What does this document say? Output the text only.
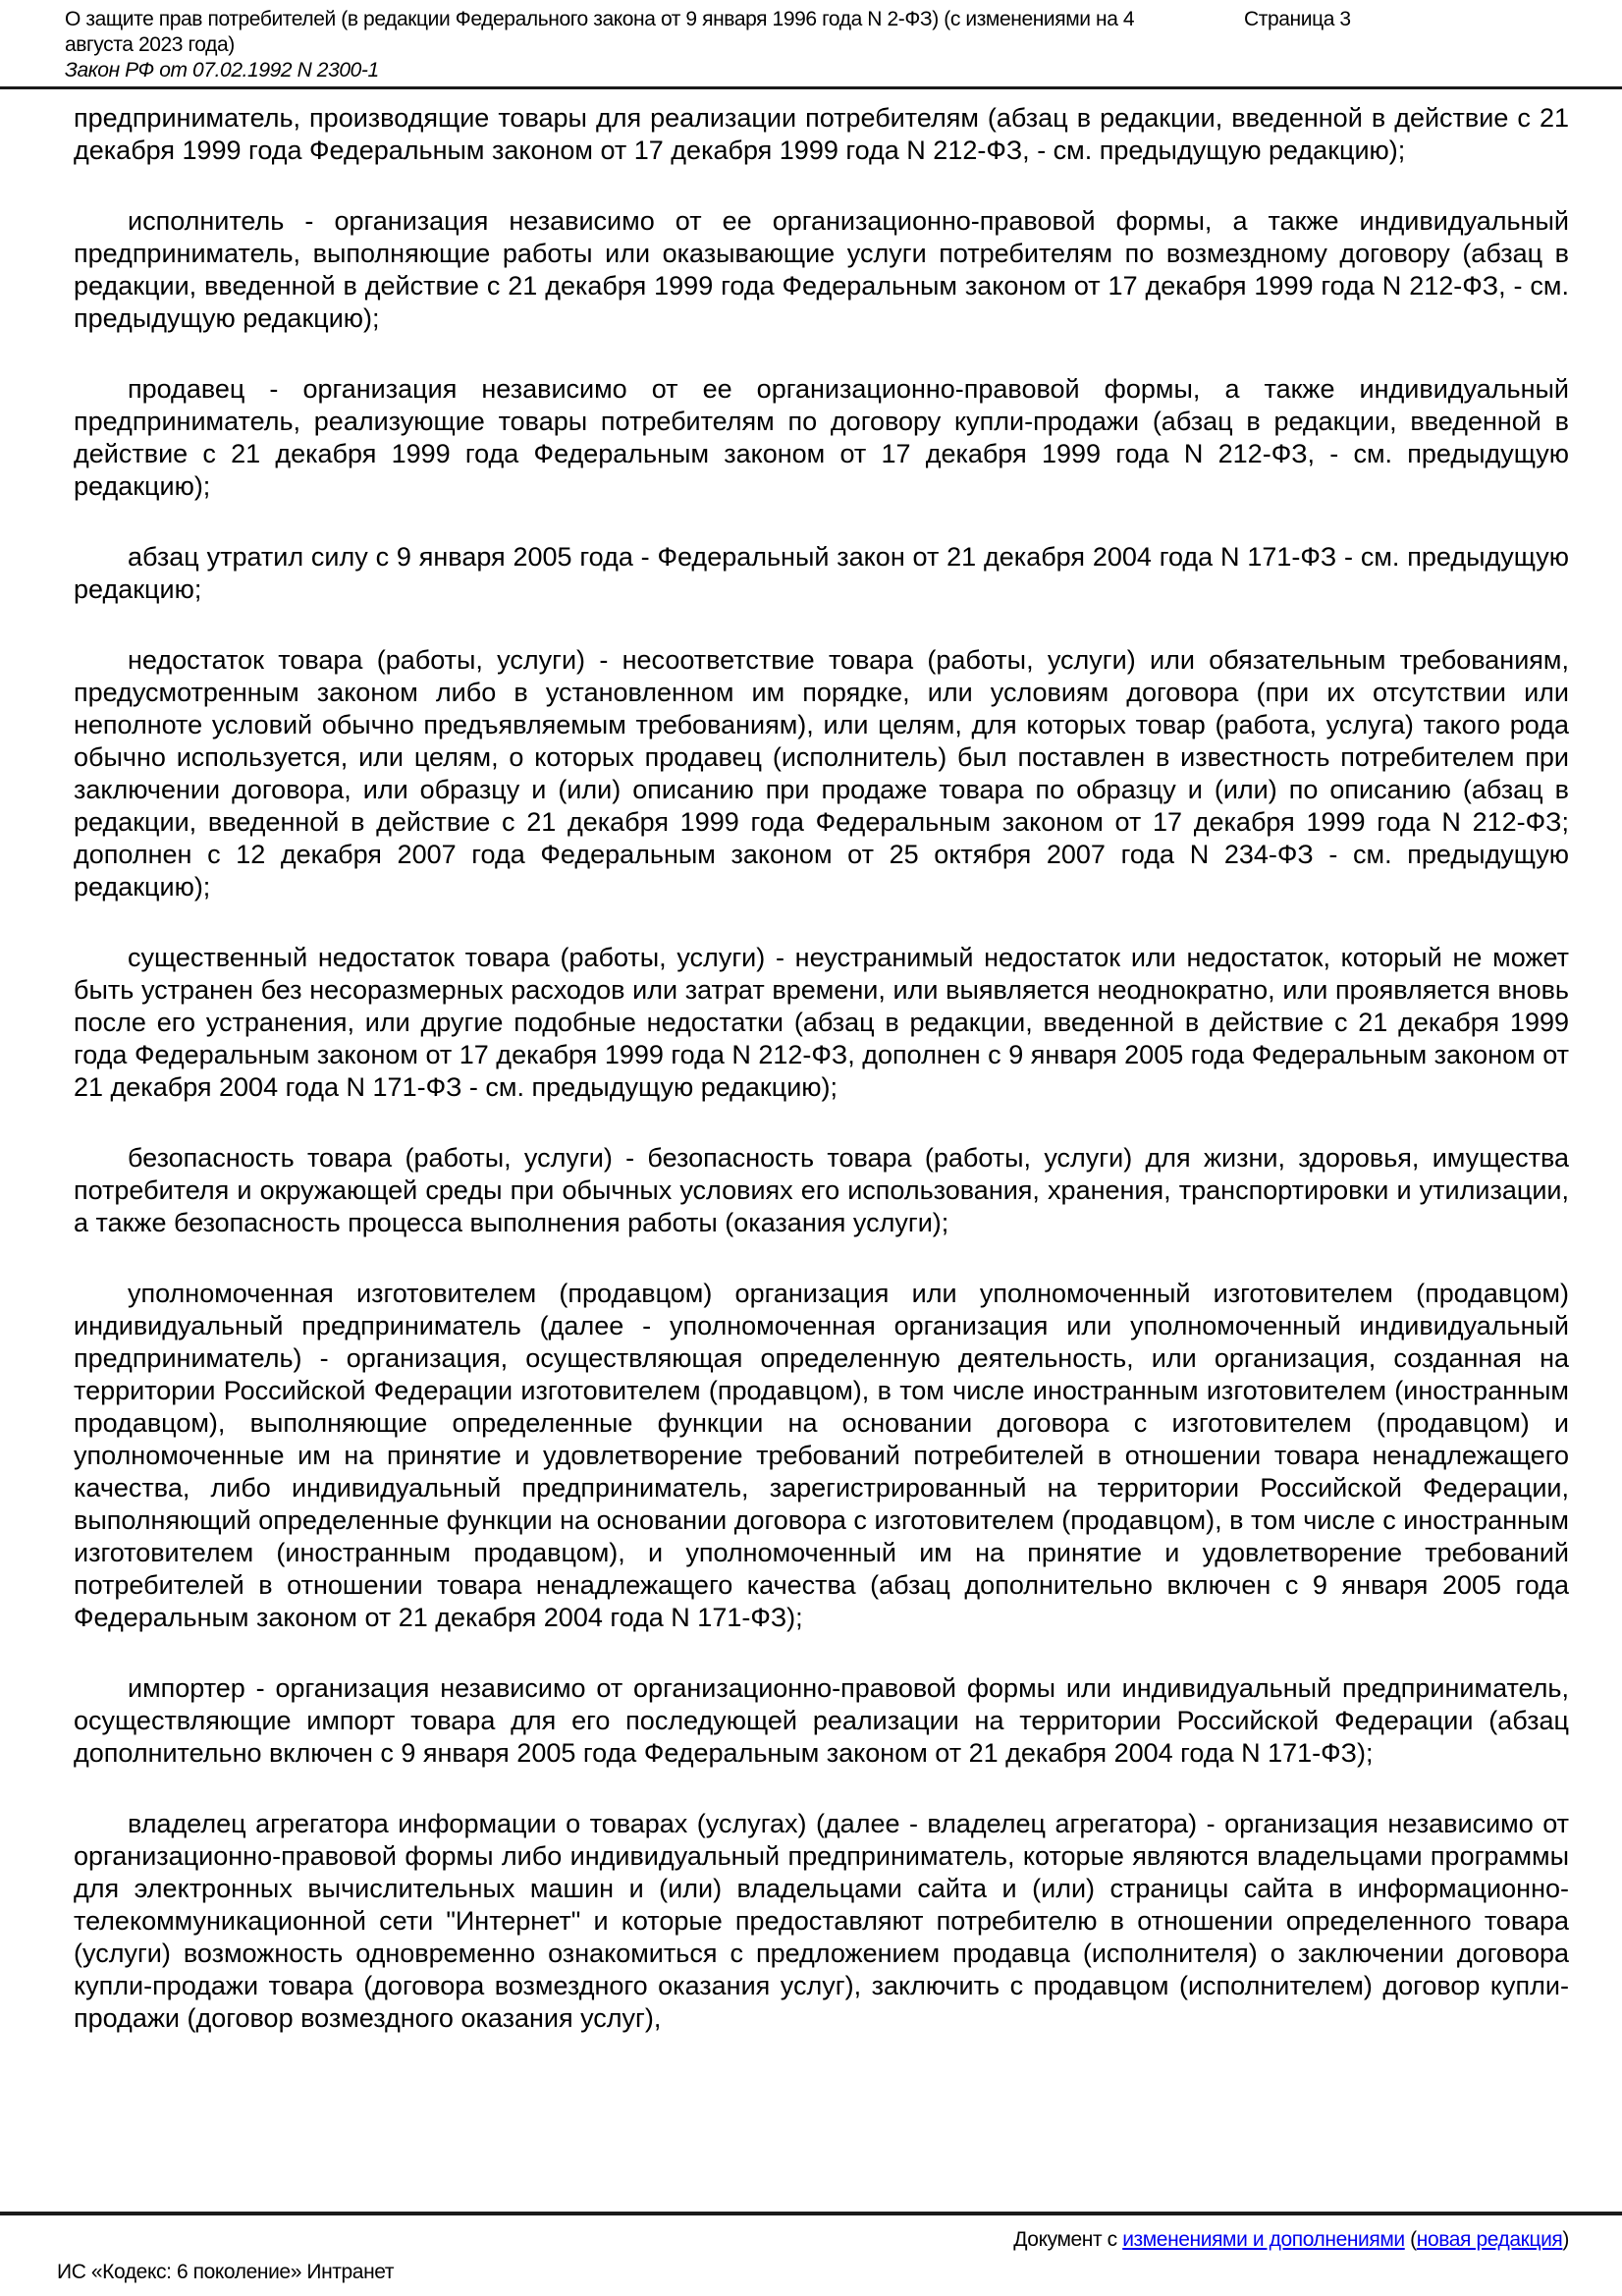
О защите прав потребителей (в редакции Федерального закона от 9 января 1996 года N 2-ФЗ) (с изменениями на 4 августа 2023 года)
Закон РФ от 07.02.1992 N 2300-1
Страница 3

предприниматель, производящие товары для реализации потребителям (абзац в редакции, введенной в действие с 21 декабря 1999 года Федеральным законом от 17 декабря 1999 года N 212-ФЗ, - см. предыдущую редакцию);

исполнитель - организация независимо от ее организационно-правовой формы, а также индивидуальный предприниматель, выполняющие работы или оказывающие услуги потребителям по возмездному договору (абзац в редакции, введенной в действие с 21 декабря 1999 года Федеральным законом от 17 декабря 1999 года N 212-ФЗ, - см. предыдущую редакцию);

продавец - организация независимо от ее организационно-правовой формы, а также индивидуальный предприниматель, реализующие товары потребителям по договору купли-продажи (абзац в редакции, введенной в действие с 21 декабря 1999 года Федеральным законом от 17 декабря 1999 года N 212-ФЗ, - см. предыдущую редакцию);

абзац утратил силу с 9 января 2005 года - Федеральный закон от 21 декабря 2004 года N 171-ФЗ - см. предыдущую редакцию;

недостаток товара (работы, услуги) - несоответствие товара (работы, услуги) или обязательным требованиям, предусмотренным законом либо в установленном им порядке, или условиям договора (при их отсутствии или неполноте условий обычно предъявляемым требованиям), или целям, для которых товар (работа, услуга) такого рода обычно используется, или целям, о которых продавец (исполнитель) был поставлен в известность потребителем при заключении договора, или образцу и (или) описанию при продаже товара по образцу и (или) по описанию (абзац в редакции, введенной в действие с 21 декабря 1999 года Федеральным законом от 17 декабря 1999 года N 212-ФЗ; дополнен с 12 декабря 2007 года Федеральным законом от 25 октября 2007 года N 234-ФЗ - см. предыдущую редакцию);

существенный недостаток товара (работы, услуги) - неустранимый недостаток или недостаток, который не может быть устранен без несоразмерных расходов или затрат времени, или выявляется неоднократно, или проявляется вновь после его устранения, или другие подобные недостатки (абзац в редакции, введенной в действие с 21 декабря 1999 года Федеральным законом от 17 декабря 1999 года N 212-ФЗ, дополнен с 9 января 2005 года Федеральным законом от 21 декабря 2004 года N 171-ФЗ - см. предыдущую редакцию);

безопасность товара (работы, услуги) - безопасность товара (работы, услуги) для жизни, здоровья, имущества потребителя и окружающей среды при обычных условиях его использования, хранения, транспортировки и утилизации, а также безопасность процесса выполнения работы (оказания услуги);

уполномоченная изготовителем (продавцом) организация или уполномоченный изготовителем (продавцом) индивидуальный предприниматель (далее - уполномоченная организация или уполномоченный индивидуальный предприниматель) - организация, осуществляющая определенную деятельность, или организация, созданная на территории Российской Федерации изготовителем (продавцом), в том числе иностранным изготовителем (иностранным продавцом), выполняющие определенные функции на основании договора с изготовителем (продавцом) и уполномоченные им на принятие и удовлетворение требований потребителей в отношении товара ненадлежащего качества, либо индивидуальный предприниматель, зарегистрированный на территории Российской Федерации, выполняющий определенные функции на основании договора с изготовителем (продавцом), в том числе с иностранным изготовителем (иностранным продавцом), и уполномоченный им на принятие и удовлетворение требований потребителей в отношении товара ненадлежащего качества (абзац дополнительно включен с 9 января 2005 года Федеральным законом от 21 декабря 2004 года N 171-ФЗ);

импортер - организация независимо от организационно-правовой формы или индивидуальный предприниматель, осуществляющие импорт товара для его последующей реализации на территории Российской Федерации (абзац дополнительно включен с 9 января 2005 года Федеральным законом от 21 декабря 2004 года N 171-ФЗ);

владелец агрегатора информации о товарах (услугах) (далее - владелец агрегатора) - организация независимо от организационно-правовой формы либо индивидуальный предприниматель, которые являются владельцами программы для электронных вычислительных машин и (или) владельцами сайта и (или) страницы сайта в информационно-телекоммуникационной сети "Интернет" и которые предоставляют потребителю в отношении определенного товара (услуги) возможность одновременно ознакомиться с предложением продавца (исполнителя) о заключении договора купли-продажи товара (договора возмездного оказания услуг), заключить с продавцом (исполнителем) договор купли-продажи (договор возмездного оказания услуг),

Документ с изменениями и дополнениями (новая редакция)
ИС «Кодекс: 6 поколение» Интранет
